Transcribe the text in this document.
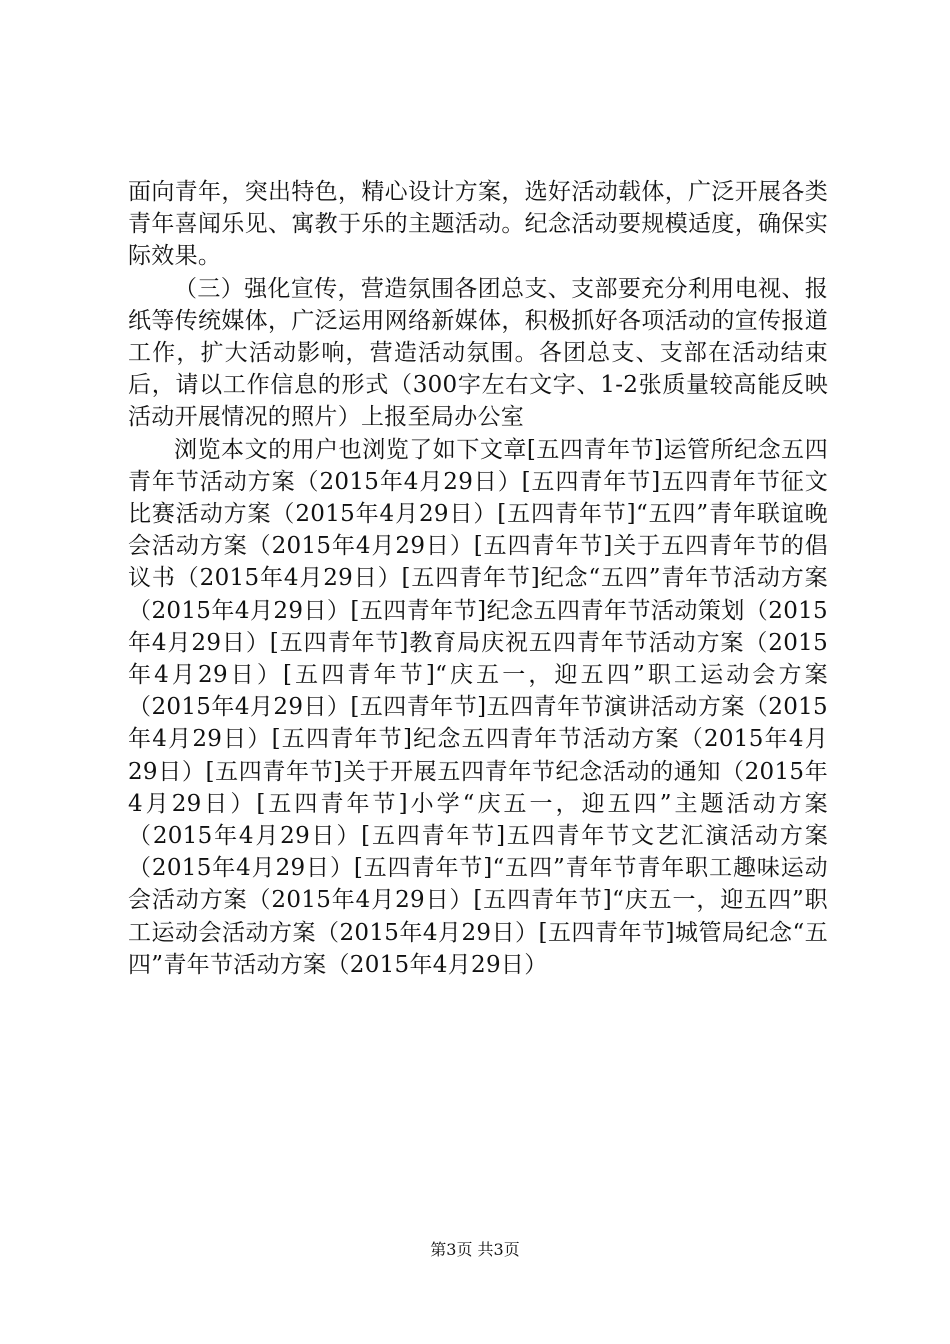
面向青年，突出特色，精心设计方案，选好活动载体，广泛开展各类青年喜闻乐见、寓教于乐的主题活动。纪念活动要规模适度，确保实际效果。

（三）强化宣传，营造氛围各团总支、支部要充分利用电视、报纸等传统媒体，广泛运用网络新媒体，积极抓好各项活动的宣传报道工作，扩大活动影响，营造活动氛围。各团总支、支部在活动结束后，请以工作信息的形式（300字左右文字、1-2张质量较高能反映活动开展情况的照片）上报至局办公室

浏览本文的用户也浏览了如下文章[五四青年节]运管所纪念五四青年节活动方案（2015年4月29日）[五四青年节]五四青年节征文比赛活动方案（2015年4月29日）[五四青年节]“五四”青年联谊晚会活动方案（2015年4月29日）[五四青年节]关于五四青年节的倡议书（2015年4月29日）[五四青年节]纪念“五四”青年节活动方案（2015年4月29日）[五四青年节]纪念五四青年节活动策划（2015年4月29日）[五四青年节]教育局庆祝五四青年节活动方案（2015年4月29日）[五四青年节]“庆五一，迎五四”职工运动会方案（2015年4月29日）[五四青年节]五四青年节演讲活动方案（2015年4月29日）[五四青年节]纪念五四青年节活动方案（2015年4月29日）[五四青年节]关于开展五四青年节纪念活动的通知（2015年4月29日）[五四青年节]小学“庆五一，迎五四”主题活动方案（2015年4月29日）[五四青年节]五四青年节文艺汇演活动方案（2015年4月29日）[五四青年节]“五四”青年节青年职工趣味运动会活动方案（2015年4月29日）[五四青年节]“庆五一，迎五四”职工运动会活动方案（2015年4月29日）[五四青年节]城管局纪念“五四”青年节活动方案（2015年4月29日）

第3页 共3页
